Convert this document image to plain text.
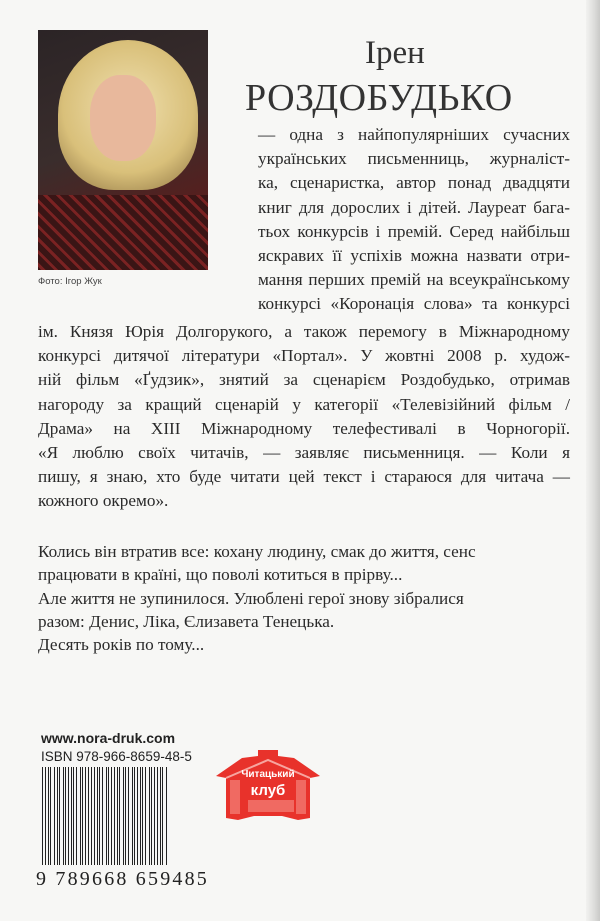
Фото: Ігор Жук
Ірен
РОЗДОБУДЬКО
— одна з найпопулярніших сучасних
українських письменниць, журналіст-
ка, сценаристка, автор понад двадцяти
книг для дорослих і дітей. Лауреат бага-
тьох конкурсів і премій. Серед найбільш
яскравих її успіхів можна назвати отри-
мання перших премій на всеукраїнському
конкурсі «Коронація слова» та конкурсі
ім. Князя Юрія Долгорукого, а також перемогу в Міжнародному
конкурсі дитячої літератури «Портал». У жовтні 2008 р. худож-
ній фільм «Ґудзик», знятий за сценарієм Роздобудько, отримав
нагороду за кращий сценарій у категорії «Телевізійний фільм /
Драма» на XIII Міжнародному телефестивалі в Чорногорії.
«Я люблю своїх читачів, — заявляє письменниця. — Коли я
пишу, я знаю, хто буде читати цей текст і стараюся для читача —
кожного окремо».
Колись він втратив все: кохану людину, смак до життя, сенс
працювати в країні, що поволі котиться в прірву...
Але життя не зупинилося. Улюблені герої знову зібралися
разом: Денис, Ліка, Єлизавета Тенецька.
Десять років по тому...
www.nora-druk.com
ISBN 978-966-8659-48-5
9 789668 659485
Читацький
клуб
